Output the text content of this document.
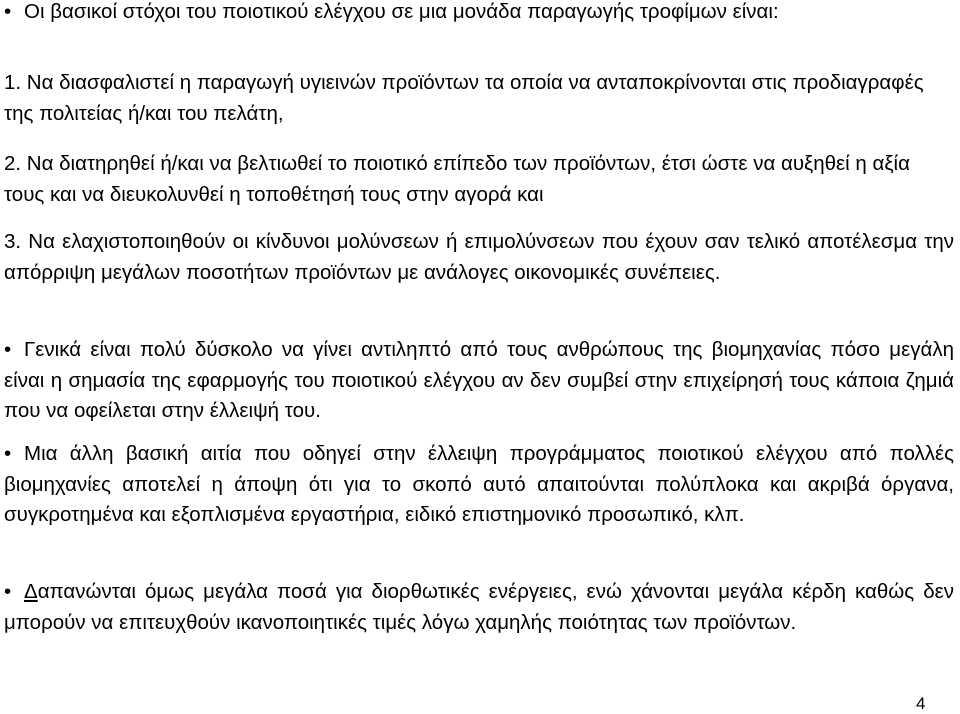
• Οι βασικοί στόχοι του ποιοτικού ελέγχου σε μια μονάδα παραγωγής τροφίμων είναι:

1. Να διασφαλιστεί η παραγωγή υγιεινών προϊόντων τα οποία να ανταποκρίνονται στις προδιαγραφές της πολιτείας ή/και του πελάτη,

2. Να διατηρηθεί ή/και να βελτιωθεί το ποιοτικό επίπεδο των προϊόντων, έτσι ώστε να αυξηθεί η αξία τους και να διευκολυνθεί η τοποθέτησή τους στην αγορά και

3. Να ελαχιστοποιηθούν οι κίνδυνοι μολύνσεων ή επιμολύνσεων που έχουν σαν τελικό αποτέλεσμα την απόρριψη μεγάλων ποσοτήτων προϊόντων με ανάλογες οικονομικές συνέπειες.

• Γενικά είναι πολύ δύσκολο να γίνει αντιληπτό από τους ανθρώπους της βιομηχανίας πόσο μεγάλη είναι η σημασία της εφαρμογής του ποιοτικού ελέγχου αν δεν συμβεί στην επιχείρησή τους κάποια ζημιά που να οφείλεται στην έλλειψή του.

• Μια άλλη βασική αιτία που οδηγεί στην έλλειψη προγράμματος ποιοτικού ελέγχου από πολλές βιομηχανίες αποτελεί η άποψη ότι για το σκοπό αυτό απαιτούνται πολύπλοκα και ακριβά όργανα, συγκροτημένα και εξοπλισμένα εργαστήρια, ειδικό επιστημονικό προσωπικό, κλπ.

• Δαπανώνται όμως μεγάλα ποσά για διορθωτικές ενέργειες, ενώ χάνονται μεγάλα κέρδη καθώς δεν μπορούν να επιτευχθούν ικανοποιητικές τιμές λόγω χαμηλής ποιότητας των προϊόντων.

4
